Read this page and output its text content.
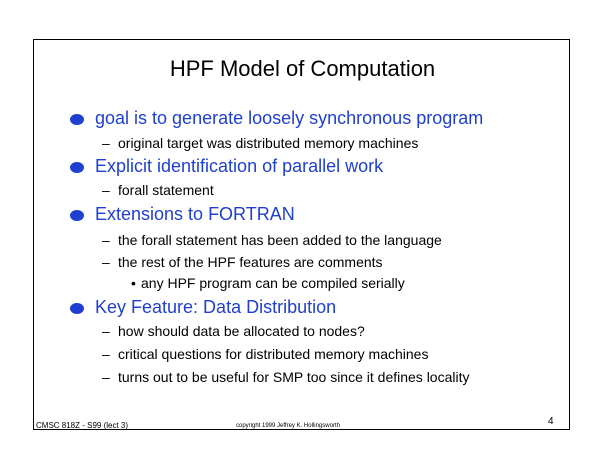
HPF Model of Computation
goal is to generate loosely synchronous program
– original target was distributed memory machines
Explicit identification of parallel work
– forall statement
Extensions to FORTRAN
– the forall statement has been added to the language
– the rest of the HPF features are comments
• any HPF program can be compiled serially
Key Feature: Data Distribution
– how should data be allocated to nodes?
– critical questions for distributed memory machines
– turns out to be useful for SMP too since it defines locality
CMSC 818Z - S99 (lect 3)	copyright 1999 Jeffrey K. Hollingsworth	4
